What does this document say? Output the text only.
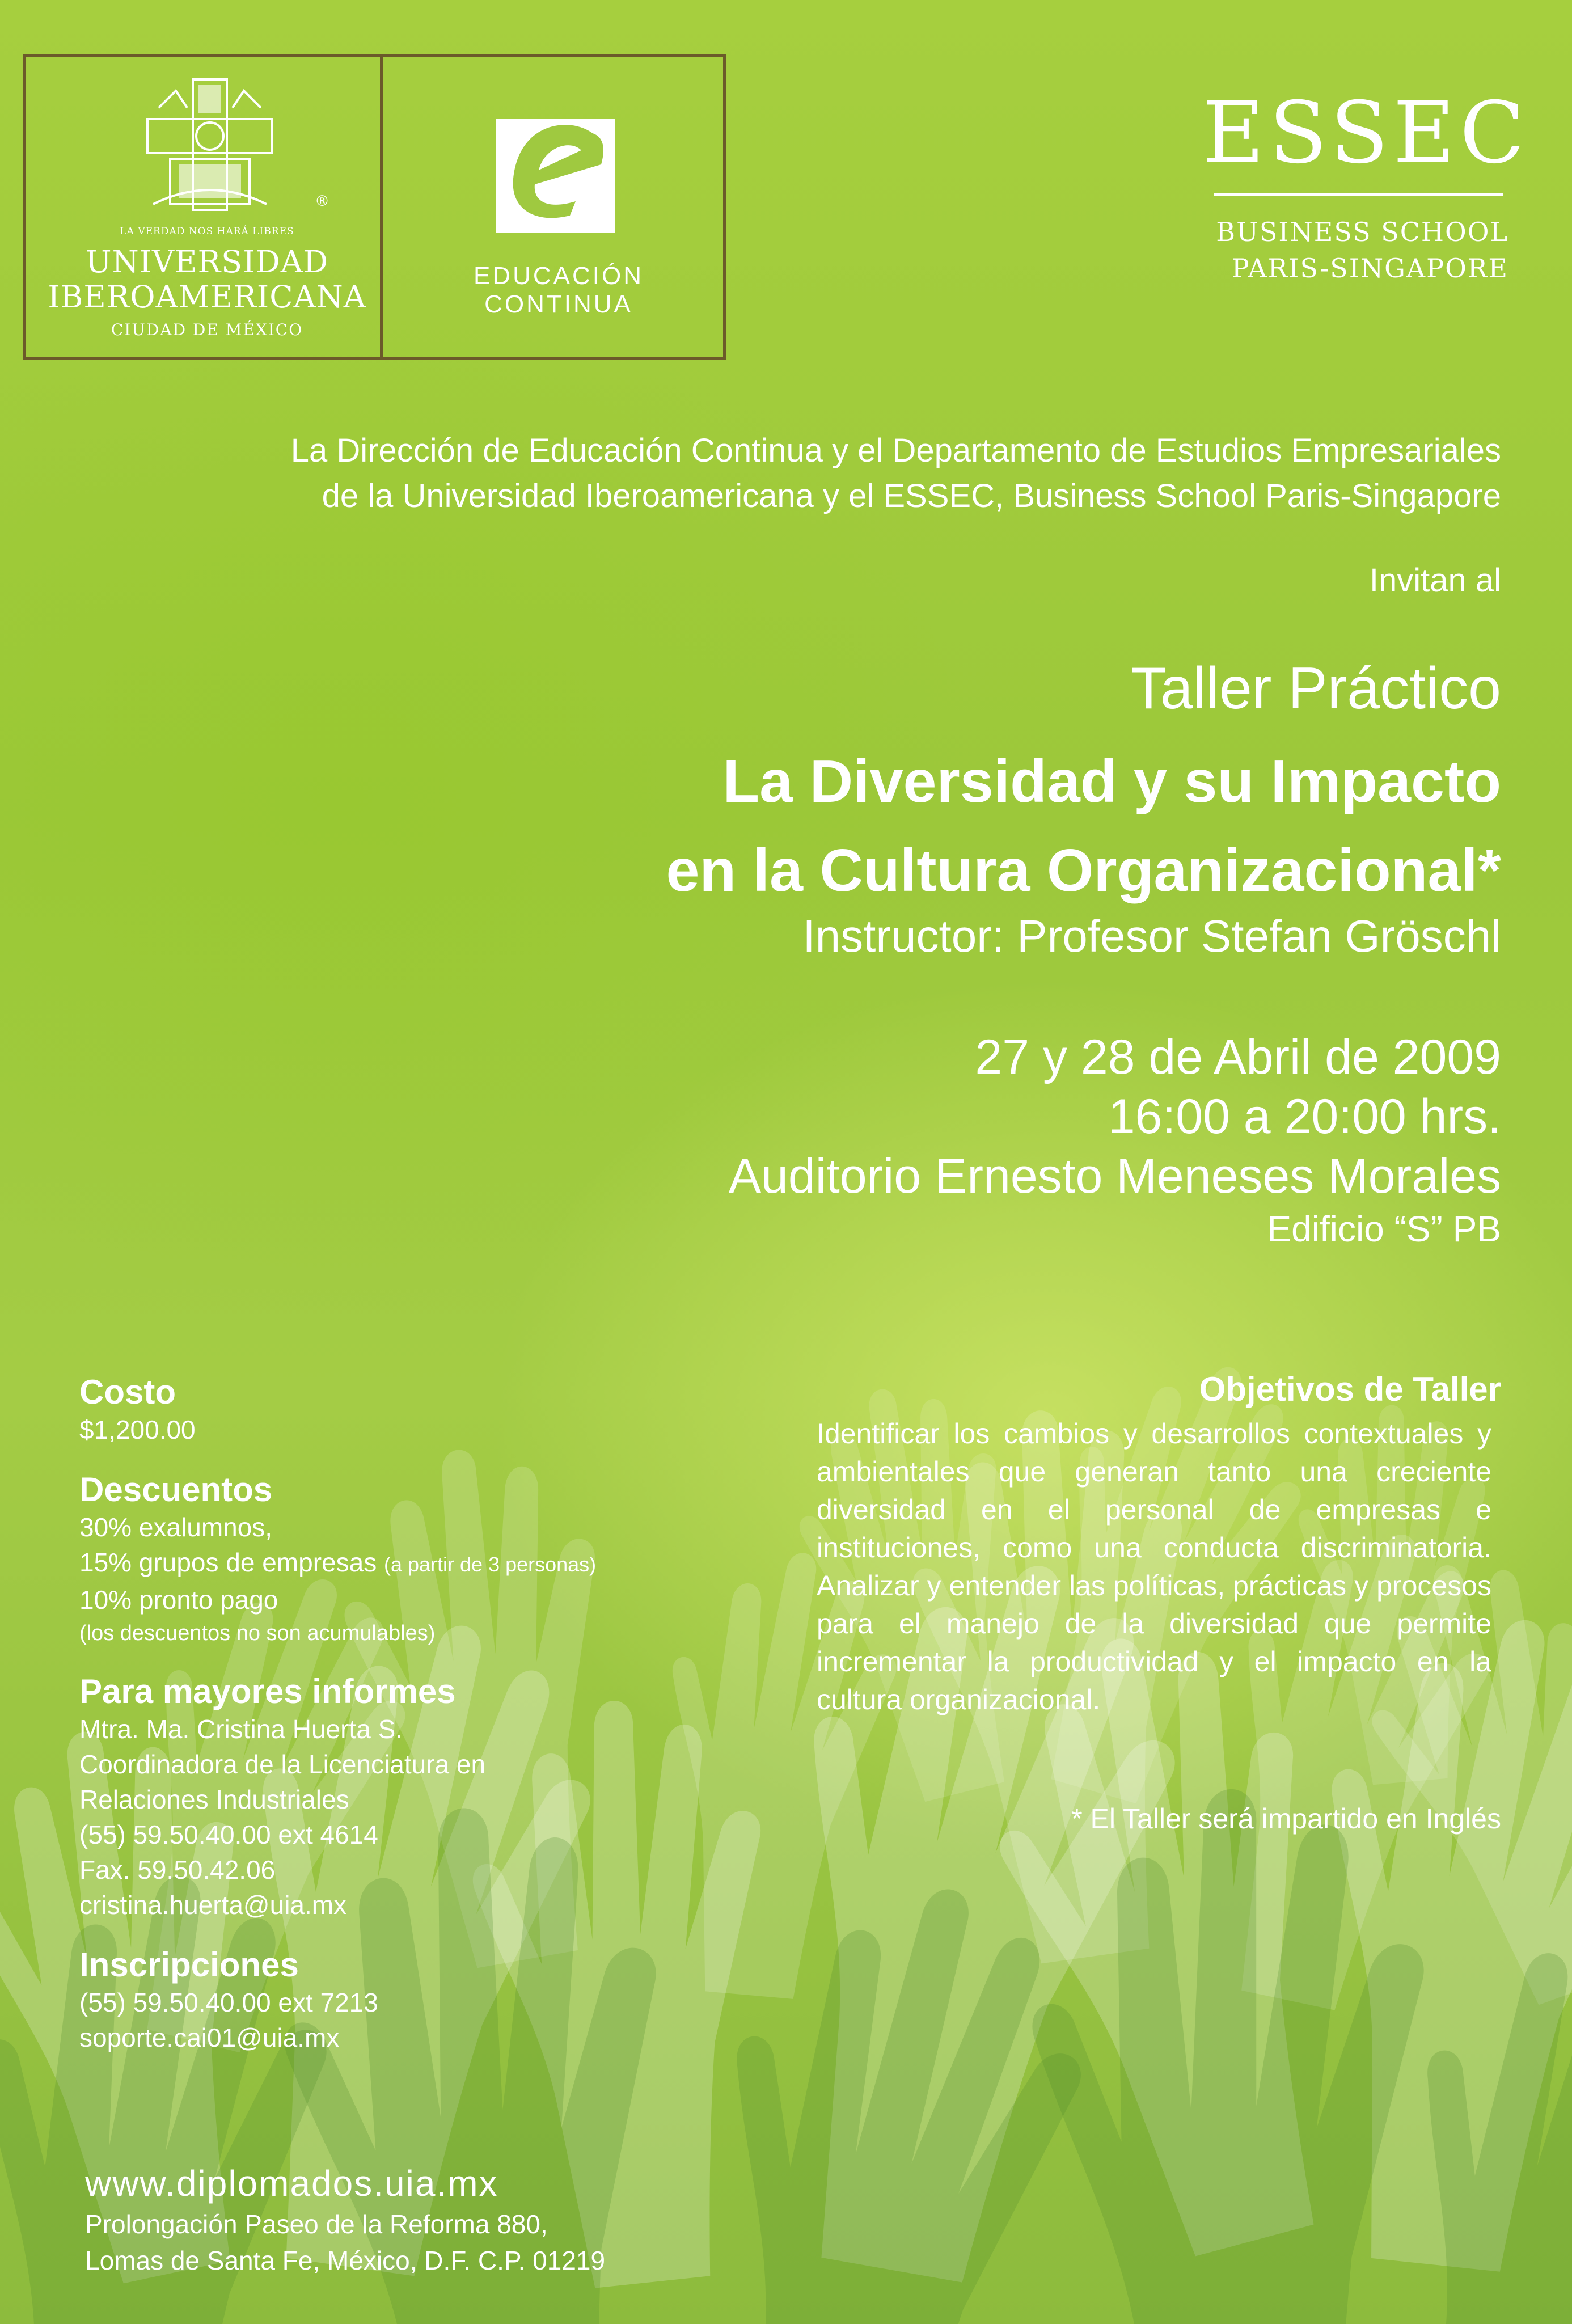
®
LA VERDAD NOS HARÁ LIBRES
UNIVERSIDAD
IBEROAMERICANA
CIUDAD DE MÉXICO
EDUCACIÓN CONTINUA
ESSEC
BUSINESS SCHOOL
PARIS-SINGAPORE

La Dirección de Educación Continua y el Departamento de Estudios Empresariales

de la Universidad Iberoamericana y el ESSEC, Business School Paris-Singapore

Invitan al
Taller Práctico
La Diversidad y su Impacto
en la Cultura Organizacional*
Instructor: Profesor Stefan Gröschl
27 y 28 de Abril de 2009
16:00 a 20:00 hrs.
Auditorio Ernesto Meneses Morales
Edificio “S” PB

Costo

$1,200.00

Descuentos

30% exalumnos,

15% grupos de empresas (a partir de 3 personas)

10% pronto pago

(los descuentos no son acumulables)

Para mayores informes

Mtra. Ma. Cristina Huerta S.

Coordinadora de la Licenciatura en

Relaciones Industriales

(55) 59.50.40.00 ext 4614

Fax. 59.50.42.06

cristina.huerta@uia.mx

Inscripciones

(55) 59.50.40.00 ext 7213

soporte.cai01@uia.mx

Objetivos de Taller

Identificar los cambios y desarrollos contextuales y ambientales que generan tanto una creciente diversidad en el personal de empresas e instituciones, como una conducta discriminatoria. Analizar y entender las políticas, prácticas y procesos para el manejo de la diversidad que permite incrementar la productividad y el impacto en la cultura organizacional.

* El Taller será impartido en Inglés

www.diplomados.uia.mx

Prolongación Paseo de la Reforma 880,

Lomas de Santa Fe, México, D.F. C.P. 01219
